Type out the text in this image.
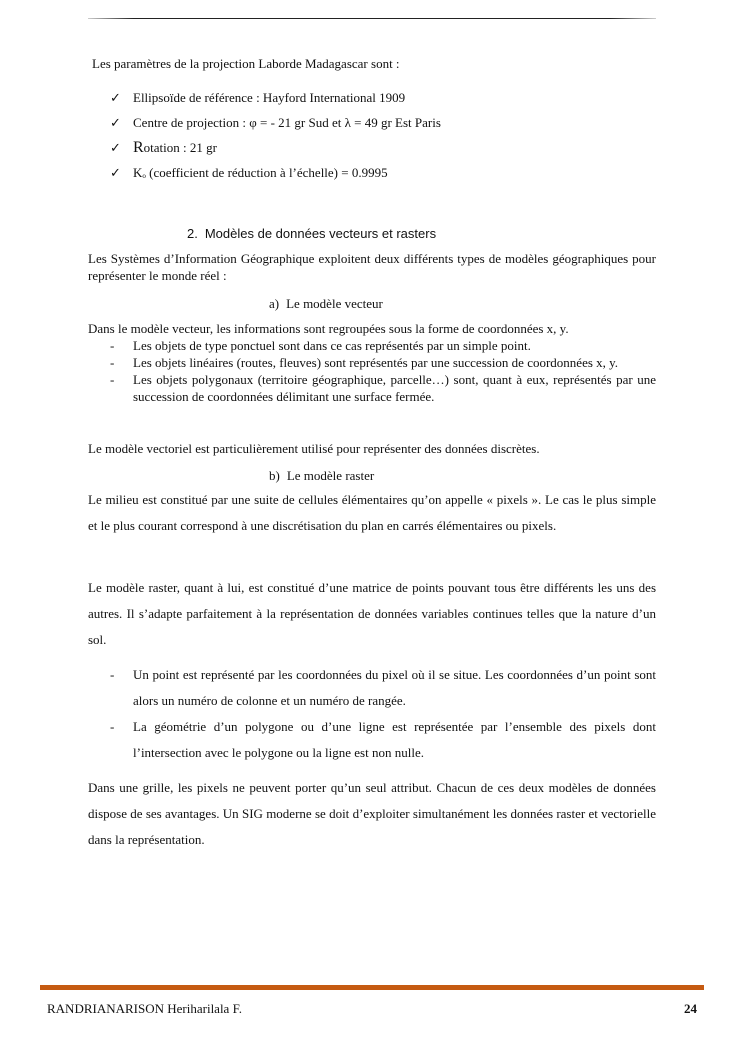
Les paramètres de la projection Laborde Madagascar sont :

✓ Ellipsoïde de référence : Hayford International 1909
✓ Centre de projection : φ = - 21 gr Sud et λ = 49 gr Est Paris
✓ Rotation : 21 gr
✓ Ko (coefficient de réduction à l’échelle) = 0.9995
2. Modèles de données vecteurs et rasters

Les Systèmes d’Information Géographique exploitent deux différents types de modèles géographiques pour représenter le monde réel :

a) Le modèle vecteur

Dans le modèle vecteur, les informations sont regroupées sous la forme de coordonnées x, y.

- Les objets de type ponctuel sont dans ce cas représentés par un simple point.
- Les objets linéaires (routes, fleuves) sont représentés par une succession de coordonnées x, y.
- Les objets polygonaux (territoire géographique, parcelle…) sont, quant à eux, représentés par une succession de coordonnées délimitant une surface fermée.

Le modèle vectoriel est particulièrement utilisé pour représenter des données discrètes.

b) Le modèle raster

Le milieu est constitué par une suite de cellules élémentaires qu’on appelle « pixels ». Le cas le plus simple et le plus courant correspond à une discrétisation du plan en carrés élémentaires ou pixels.

Le modèle raster, quant à lui, est constitué d’une matrice de points pouvant tous être différents les uns des autres. Il s’adapte parfaitement à la représentation de données variables continues telles que la nature d’un sol.

- Un point est représenté par les coordonnées du pixel où il se situe. Les coordonnées d’un point sont alors un numéro de colonne et un numéro de rangée.
- La géométrie d’un polygone ou d’une ligne est représentée par l’ensemble des pixels dont l’intersection avec le polygone ou la ligne est non nulle.

Dans une grille, les pixels ne peuvent porter qu’un seul attribut. Chacun de ces deux modèles de données dispose de ses avantages. Un SIG moderne se doit d’exploiter simultanément les données raster et vectorielle dans la représentation.

RANDRIANARISON Heriharilala F.	24
